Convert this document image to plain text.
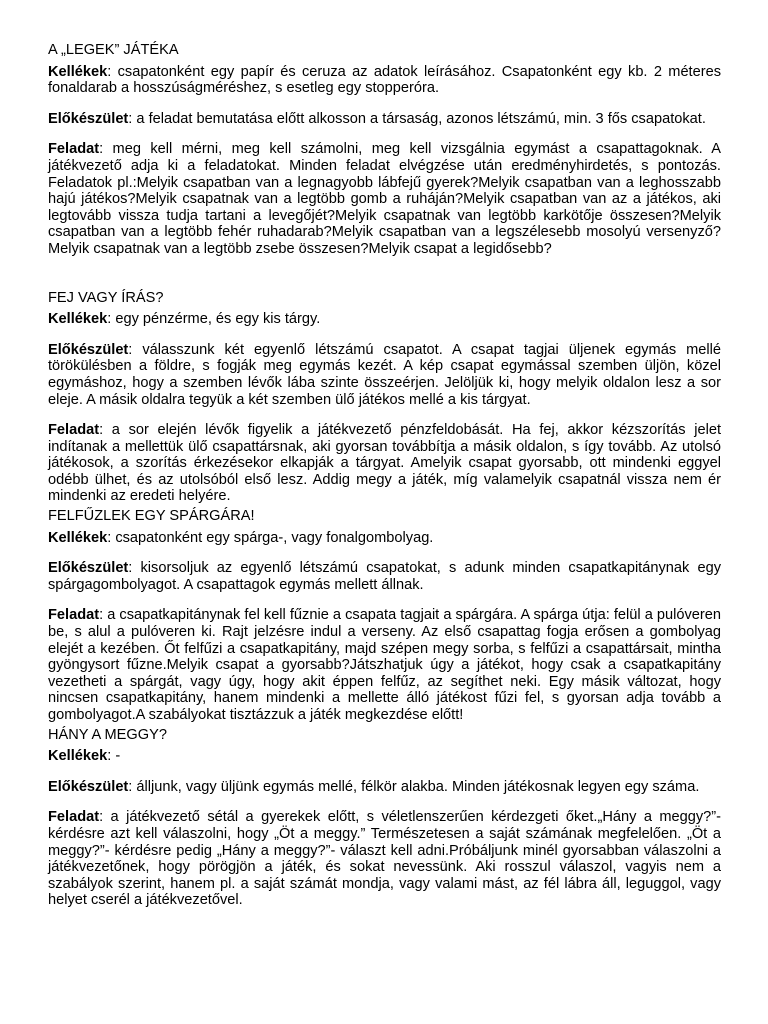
A „LEGEK” JÁTÉKA

Kellékek: csapatonként egy papír és ceruza az adatok leírásához. Csapatonként egy kb. 2 méteres fonaldarab a hosszúságméréshez, s esetleg egy stopperóra.

Előkészület: a feladat bemutatása előtt alkosson a társaság, azonos létszámú, min. 3 fős csapatokat.

Feladat: meg kell mérni, meg kell számolni, meg kell vizsgálnia egymást a csapattagoknak. A játékvezető adja ki a feladatokat. Minden feladat elvégzése után eredményhirdetés, s pontozás. Feladatok pl.:Melyik csapatban van a legnagyobb lábfejű gyerek?Melyik csapatban van a leghosszabb hajú játékos?Melyik csapatnak van a legtöbb gomb a ruháján?Melyik csapatban van az a játékos, aki legtovább vissza tudja tartani a levegőjét?Melyik csapatnak van legtöbb karkötője összesen?Melyik csapatban van a legtöbb fehér ruhadarab?Melyik csapatban van a legszélesebb mosolyú versenyző?Melyik csapatnak van a legtöbb zsebe összesen?Melyik csapat a legidősebb?

FEJ VAGY ÍRÁS?

Kellékek: egy pénzérme, és egy kis tárgy.

Előkészület: válasszunk két egyenlő létszámú csapatot. A csapat tagjai üljenek egymás mellé törökülésben a földre, s fogják meg egymás kezét. A kép csapat egymással szemben üljön, közel egymáshoz, hogy a szemben lévők lába szinte összeérjen. Jelöljük ki, hogy melyik oldalon lesz a sor eleje. A másik oldalra tegyük a két szemben ülő játékos mellé a kis tárgyat.

Feladat: a sor elején lévők figyelik a játékvezető pénzfeldobását. Ha fej, akkor kézszorítás jelet indítanak a mellettük ülő csapattársnak, aki gyorsan továbbítja a másik oldalon, s így tovább. Az utolsó játékosok, a szorítás érkezésekor elkapják a tárgyat. Amelyik csapat gyorsabb, ott mindenki eggyel odébb ülhet, és az utolsóból első lesz. Addig megy a játék, míg valamelyik csapatnál vissza nem ér mindenki az eredeti helyére.

FELFŰZLEK EGY SPÁRGÁRA!

Kellékek: csapatonként egy spárga-, vagy fonalgombolyag.

Előkészület: kisorsoljuk az egyenlő létszámú csapatokat, s adunk minden csapatkapitánynak egy spárgagombolyagot. A csapattagok egymás mellett állnak.

Feladat: a csapatkapitánynak fel kell fűznie a csapata tagjait a spárgára. A spárga útja: felül a pulóveren be, s alul a pulóveren ki. Rajt jelzésre indul a verseny. Az első csapattag fogja erősen a gombolyag elejét a kezében. Őt felfűzi a csapatkapitány, majd szépen megy sorba, s felfűzi a csapattársait, mintha gyöngysort fűzne.Melyik csapat a gyorsabb?Játszhatjuk úgy a játékot, hogy csak a csapatkapitány vezetheti a spárgát, vagy úgy, hogy akit éppen felfűz, az segíthet neki. Egy másik változat, hogy nincsen csapatkapitány, hanem mindenki a mellette álló játékost fűzi fel, s gyorsan adja tovább a gombolyagot.A szabályokat tisztázzuk a játék megkezdése előtt!

HÁNY A MEGGY?

Kellékek: -

Előkészület: álljunk, vagy üljünk egymás mellé, félkör alakba. Minden játékosnak legyen egy száma.

Feladat: a játékvezető sétál a gyerekek előtt, s véletlenszerűen kérdezgeti őket.„Hány a meggy?”- kérdésre azt kell válaszolni, hogy „Öt a meggy.” Természetesen a saját számának megfelelően. „Öt a meggy?”- kérdésre pedig „Hány a meggy?”- választ kell adni.Próbáljunk minél gyorsabban válaszolni a játékvezetőnek, hogy pörögjön a játék, és sokat nevessünk. Aki rosszul válaszol, vagyis nem a szabályok szerint, hanem pl. a saját számát mondja, vagy valami mást, az fél lábra áll, leguggol, vagy helyet cserél a játékvezetővel.
